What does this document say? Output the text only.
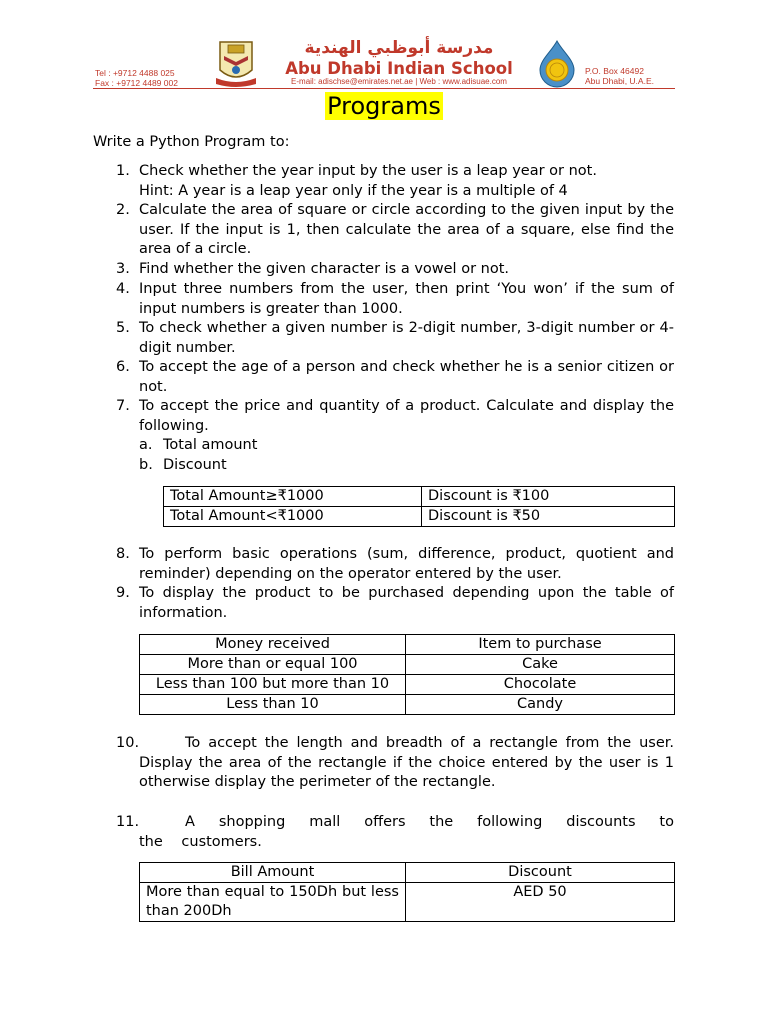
Tel : +9712 4488 025
Fax : +9712 4489 002
مدرسة أبوظبي الهندية
Abu Dhabi Indian School
E-mail: adischse@emirates.net.ae | Web : www.adisuae.com
P.O. Box 46492
Abu Dhabi, U.A.E.
Programs
Write a Python Program to:
1. Check whether the year input by the user is a leap year or not.
Hint: A year is a leap year only if the year is a multiple of 4
2. Calculate the area of square or circle according to the given input by the user. If the input is 1, then calculate the area of a square, else find the area of a circle.
3. Find whether the given character is a vowel or not.
4. Input three numbers from the user, then print ‘You won’ if the sum of input numbers is greater than 1000.
5. To check whether a given number is 2-digit number, 3-digit number or 4-digit number.
6. To accept the age of a person and check whether he is a senior citizen or not.
7. To accept the price and quantity of a product. Calculate and display the following.
a. Total amount
b. Discount
Total Amount≥₹1000	Discount is ₹100
Total Amount<₹1000	Discount is ₹50
8. To perform basic operations (sum, difference, product, quotient and reminder) depending on the operator entered by the user.
9. To display the product to be purchased depending upon the table of information.
Money received	Item to purchase
More than or equal 100	Cake
Less than 100 but more than 10	Chocolate
Less than 10	Candy
10.	To accept the length and breadth of a rectangle from the user. Display the area of the rectangle if the choice entered by the user is 1 otherwise display the perimeter of the rectangle.
11.	A shopping mall offers the following discounts to the customers.
Bill Amount	Discount
More than equal to 150Dh but less than 200Dh	AED 50
